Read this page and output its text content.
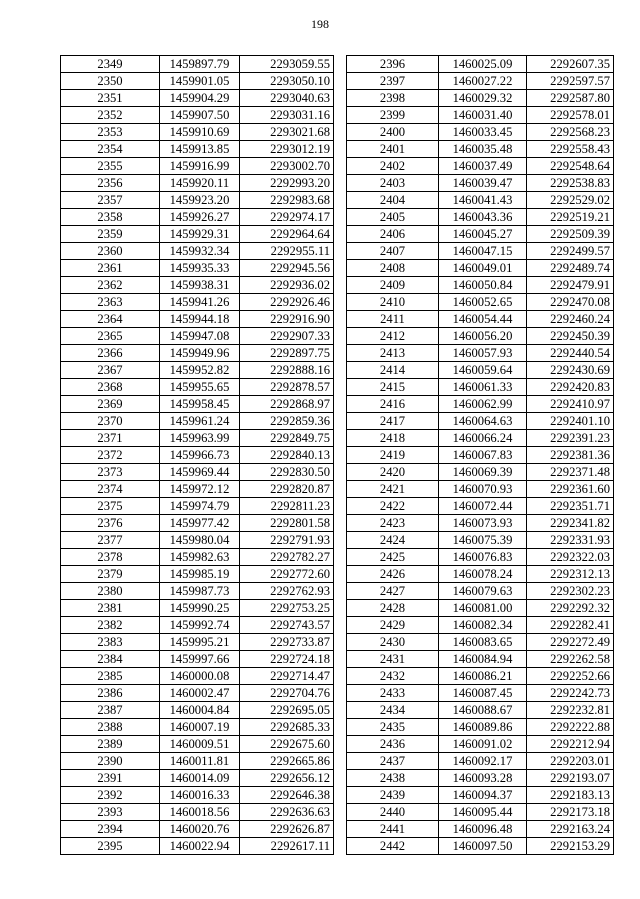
198
2349	1459897.79	2293059.55
2350	1459901.05	2293050.10
2351	1459904.29	2293040.63
2352	1459907.50	2293031.16
2353	1459910.69	2293021.68
2354	1459913.85	2293012.19
2355	1459916.99	2293002.70
2356	1459920.11	2292993.20
2357	1459923.20	2292983.68
2358	1459926.27	2292974.17
2359	1459929.31	2292964.64
2360	1459932.34	2292955.11
2361	1459935.33	2292945.56
2362	1459938.31	2292936.02
2363	1459941.26	2292926.46
2364	1459944.18	2292916.90
2365	1459947.08	2292907.33
2366	1459949.96	2292897.75
2367	1459952.82	2292888.16
2368	1459955.65	2292878.57
2369	1459958.45	2292868.97
2370	1459961.24	2292859.36
2371	1459963.99	2292849.75
2372	1459966.73	2292840.13
2373	1459969.44	2292830.50
2374	1459972.12	2292820.87
2375	1459974.79	2292811.23
2376	1459977.42	2292801.58
2377	1459980.04	2292791.93
2378	1459982.63	2292782.27
2379	1459985.19	2292772.60
2380	1459987.73	2292762.93
2381	1459990.25	2292753.25
2382	1459992.74	2292743.57
2383	1459995.21	2292733.87
2384	1459997.66	2292724.18
2385	1460000.08	2292714.47
2386	1460002.47	2292704.76
2387	1460004.84	2292695.05
2388	1460007.19	2292685.33
2389	1460009.51	2292675.60
2390	1460011.81	2292665.86
2391	1460014.09	2292656.12
2392	1460016.33	2292646.38
2393	1460018.56	2292636.63
2394	1460020.76	2292626.87
2395	1460022.94	2292617.11
2396	1460025.09	2292607.35
2397	1460027.22	2292597.57
2398	1460029.32	2292587.80
2399	1460031.40	2292578.01
2400	1460033.45	2292568.23
2401	1460035.48	2292558.43
2402	1460037.49	2292548.64
2403	1460039.47	2292538.83
2404	1460041.43	2292529.02
2405	1460043.36	2292519.21
2406	1460045.27	2292509.39
2407	1460047.15	2292499.57
2408	1460049.01	2292489.74
2409	1460050.84	2292479.91
2410	1460052.65	2292470.08
2411	1460054.44	2292460.24
2412	1460056.20	2292450.39
2413	1460057.93	2292440.54
2414	1460059.64	2292430.69
2415	1460061.33	2292420.83
2416	1460062.99	2292410.97
2417	1460064.63	2292401.10
2418	1460066.24	2292391.23
2419	1460067.83	2292381.36
2420	1460069.39	2292371.48
2421	1460070.93	2292361.60
2422	1460072.44	2292351.71
2423	1460073.93	2292341.82
2424	1460075.39	2292331.93
2425	1460076.83	2292322.03
2426	1460078.24	2292312.13
2427	1460079.63	2292302.23
2428	1460081.00	2292292.32
2429	1460082.34	2292282.41
2430	1460083.65	2292272.49
2431	1460084.94	2292262.58
2432	1460086.21	2292252.66
2433	1460087.45	2292242.73
2434	1460088.67	2292232.81
2435	1460089.86	2292222.88
2436	1460091.02	2292212.94
2437	1460092.17	2292203.01
2438	1460093.28	2292193.07
2439	1460094.37	2292183.13
2440	1460095.44	2292173.18
2441	1460096.48	2292163.24
2442	1460097.50	2292153.29
